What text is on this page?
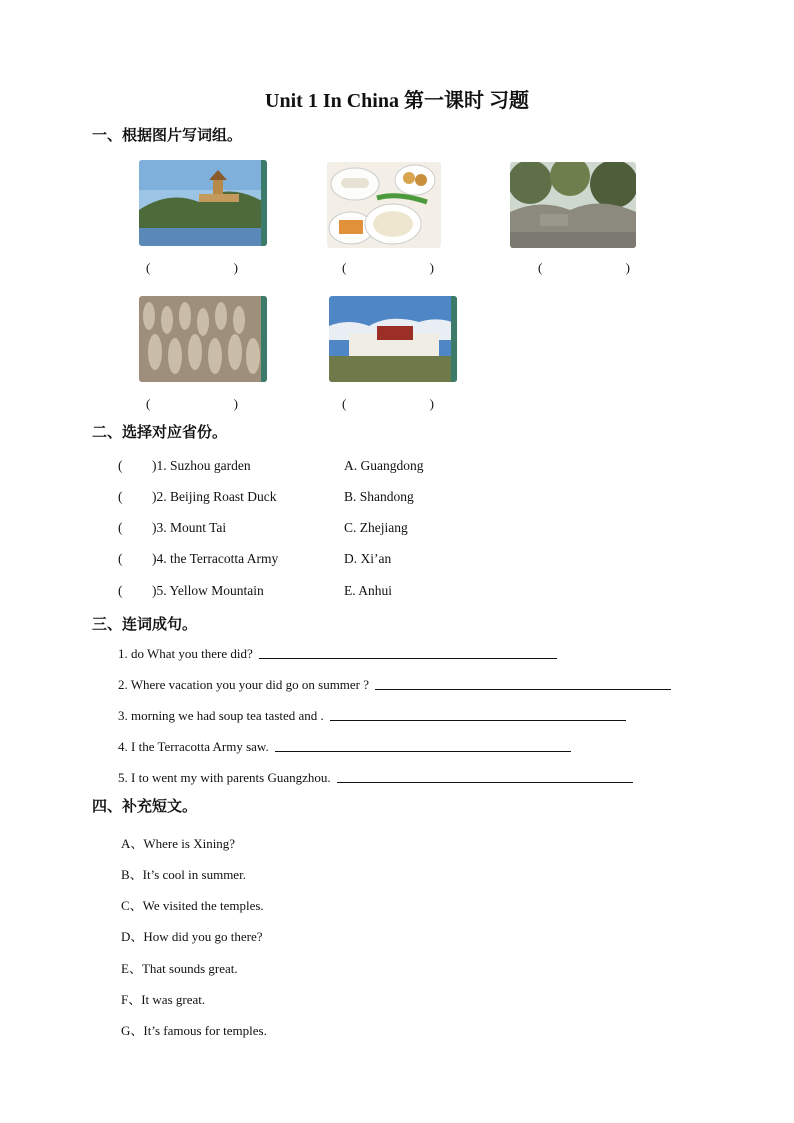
Unit 1 In China 第一课时 习题
一、根据图片写词组。
(	)	(	)	(	)
(	)	(	)
二、选择对应省份。
(	)1. Suzhou garden	A. Guangdong
(	)2. Beijing Roast Duck	B. Shandong
(	)3. Mount Tai	C. Zhejiang
(	)4. the Terracotta Army	D. Xi’an
(	)5. Yellow Mountain	E. Anhui
三、连词成句。
1. do What you there did?
2. Where vacation you your did go on summer ?
3. morning we had soup tea tasted and .
4. I the Terracotta Army saw.
5. I to went my with parents Guangzhou.
四、补充短文。
A、Where is Xining?
B、It’s cool in summer.
C、We visited the temples.
D、How did you go there?
E、That sounds great.
F、It was great.
G、It’s famous for temples.
